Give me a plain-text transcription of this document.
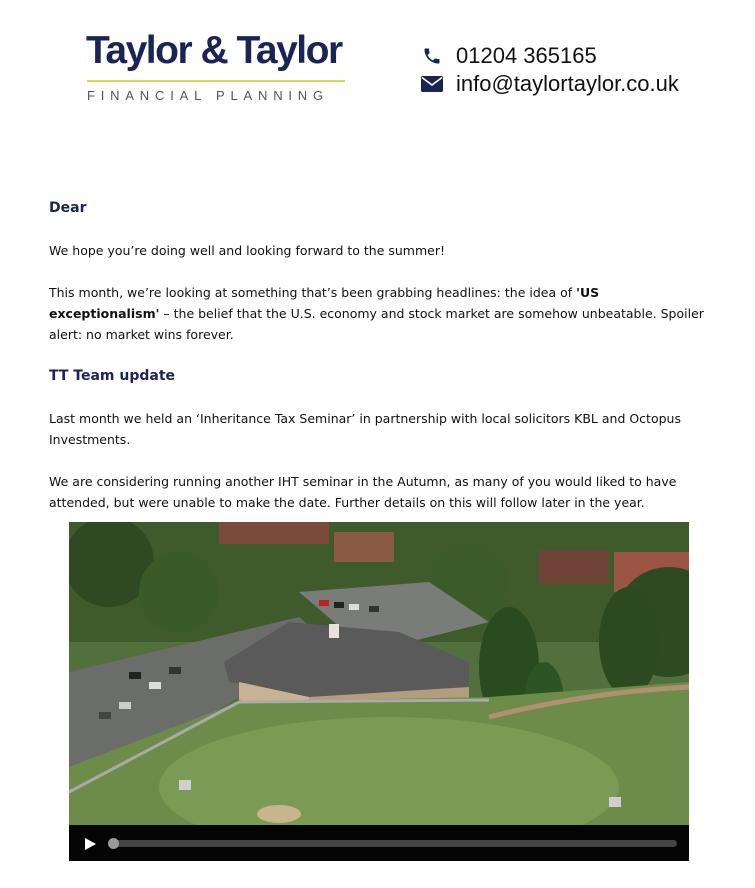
Taylor & Taylor
FINANCIAL PLANNING
01204 365165
info@taylortaylor.co.uk
Dear

We hope you’re doing well and looking forward to the summer!

This month, we’re looking at something that’s been grabbing headlines: the idea of 'US exceptionalism' – the belief that the U.S. economy and stock market are somehow unbeatable. Spoiler alert: no market wins forever.

TT Team update

Last month we held an ‘Inheritance Tax Seminar’ in partnership with local solicitors KBL and Octopus Investments.

We are considering running another IHT seminar in the Autumn, as many of you would liked to have attended, but were unable to make the date. Further details on this will follow later in the year.
